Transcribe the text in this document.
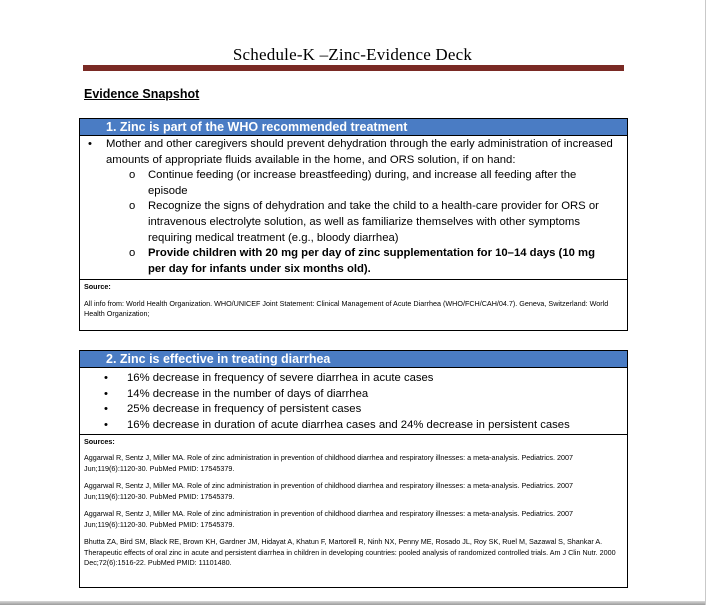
Schedule-K –Zinc-Evidence Deck
Evidence Snapshot
1. Zinc is part of the WHO recommended treatment
• Mother and other caregivers should prevent dehydration through the early administration of increased amounts of appropriate fluids available in the home, and ORS solution, if on hand:
o Continue feeding (or increase breastfeeding) during, and increase all feeding after the episode
o Recognize the signs of dehydration and take the child to a health-care provider for ORS or intravenous electrolyte solution, as well as familiarize themselves with other symptoms requiring medical treatment (e.g., bloody diarrhea)
o Provide children with 20 mg per day of zinc supplementation for 10–14 days (10 mg per day for infants under six months old).
Source:
All info from: World Health Organization. WHO/UNICEF Joint Statement: Clinical Management of Acute Diarrhea (WHO/FCH/CAH/04.7). Geneva, Switzerland: World Health Organization;
2. Zinc is effective in treating diarrhea
• 16% decrease in frequency of severe diarrhea in acute cases
• 14% decrease in the number of days of diarrhea
• 25% decrease in frequency of persistent cases
• 16% decrease in duration of acute diarrhea cases and 24% decrease in persistent cases
Sources:
Aggarwal R, Sentz J, Miller MA. Role of zinc administration in prevention of childhood diarrhea and respiratory illnesses: a meta-analysis. Pediatrics. 2007 Jun;119(6):1120-30. PubMed PMID: 17545379.
Aggarwal R, Sentz J, Miller MA. Role of zinc administration in prevention of childhood diarrhea and respiratory illnesses: a meta-analysis. Pediatrics. 2007 Jun;119(6):1120-30. PubMed PMID: 17545379.
Aggarwal R, Sentz J, Miller MA. Role of zinc administration in prevention of childhood diarrhea and respiratory illnesses: a meta-analysis. Pediatrics. 2007 Jun;119(6):1120-30. PubMed PMID: 17545379.
Bhutta ZA, Bird SM, Black RE, Brown KH, Gardner JM, Hidayat A, Khatun F, Martorell R, Ninh NX, Penny ME, Rosado JL, Roy SK, Ruel M, Sazawal S, Shankar A. Therapeutic effects of oral zinc in acute and persistent diarrhea in children in developing countries: pooled analysis of randomized controlled trials. Am J Clin Nutr. 2000 Dec;72(6):1516-22. PubMed PMID: 11101480.
